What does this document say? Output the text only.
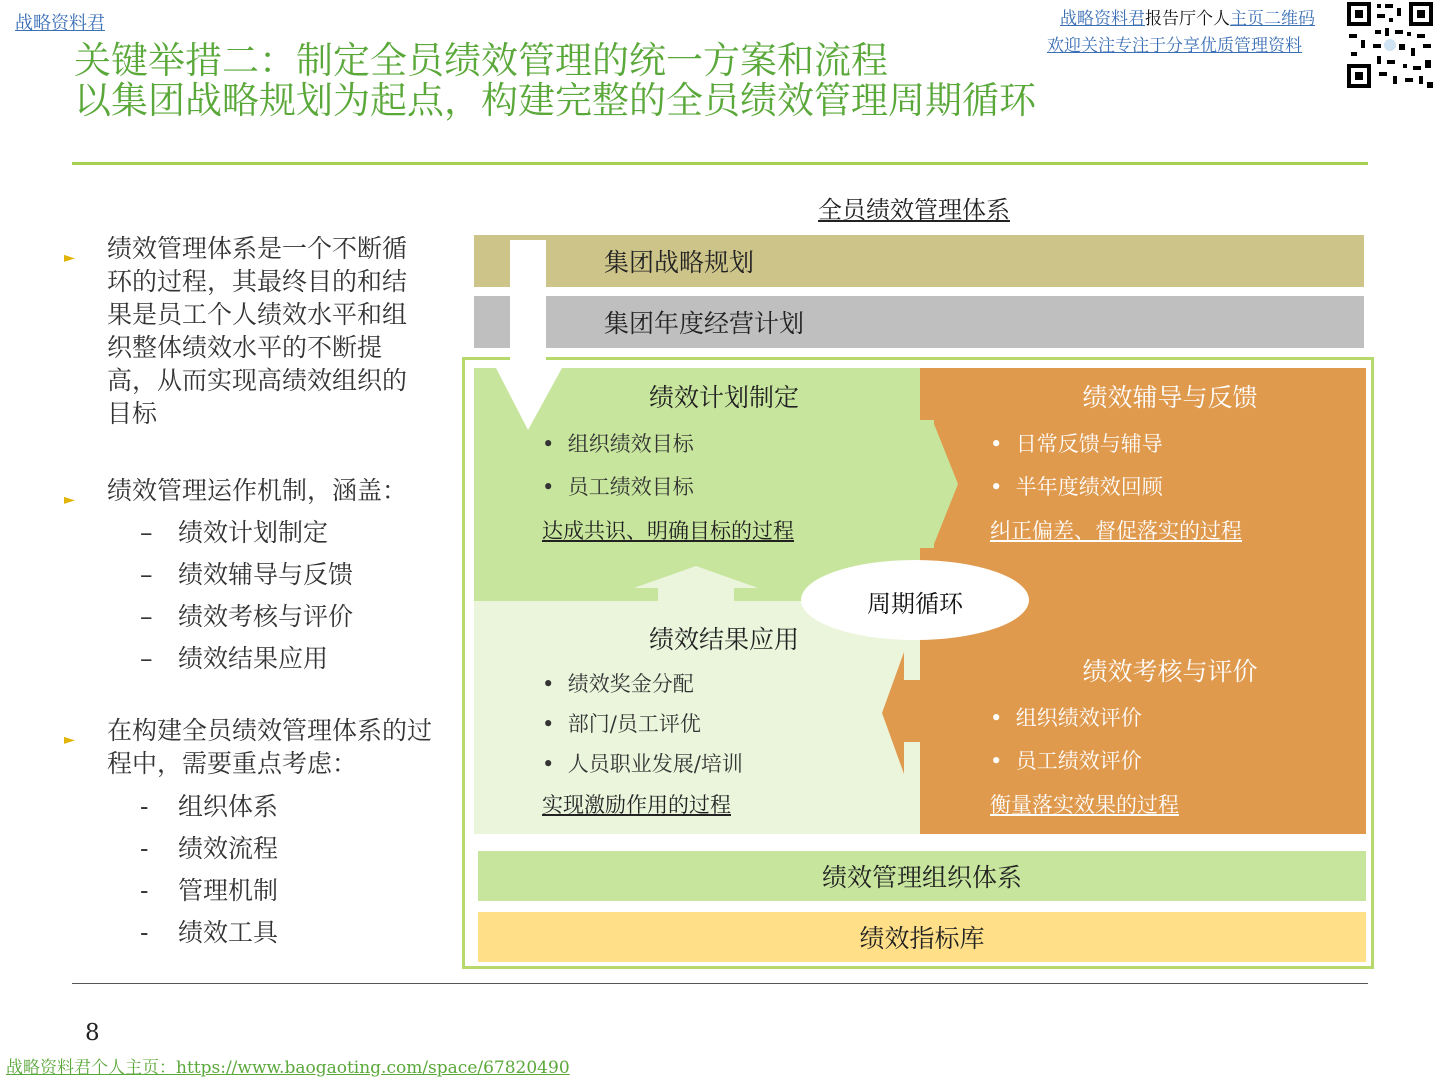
战略资料君	战略资料君报告厅个人主页二维码
欢迎关注专注于分享优质管理资料
关键举措二：制定全员绩效管理的统一方案和流程
以集团战略规划为起点，构建完整的全员绩效管理周期循环
► 绩效管理体系是一个不断循环的过程，其最终目的和结果是员工个人绩效水平和组织整体绩效水平的不断提高，从而实现高绩效组织的目标
► 绩效管理运作机制，涵盖：
– 绩效计划制定
– 绩效辅导与反馈
– 绩效考核与评价
– 绩效结果应用
► 在构建全员绩效管理体系的过程中，需要重点考虑：
- 组织体系
- 绩效流程
- 管理机制
- 绩效工具
全员绩效管理体系
集团战略规划
集团年度经营计划
周期循环
绩效计划制定
•  组织绩效目标
•  员工绩效目标
达成共识、明确目标的过程
绩效辅导与反馈
•  日常反馈与辅导
•  半年度绩效回顾
纠正偏差、督促落实的过程
绩效结果应用
•  绩效奖金分配
•  部门/员工评优
•  人员职业发展/培训
实现激励作用的过程
绩效考核与评价
•  组织绩效评价
•  员工绩效评价
衡量落实效果的过程
绩效管理组织体系
绩效指标库
8
战略资料君个人主页：https://www.baogaoting.com/space/67820490
